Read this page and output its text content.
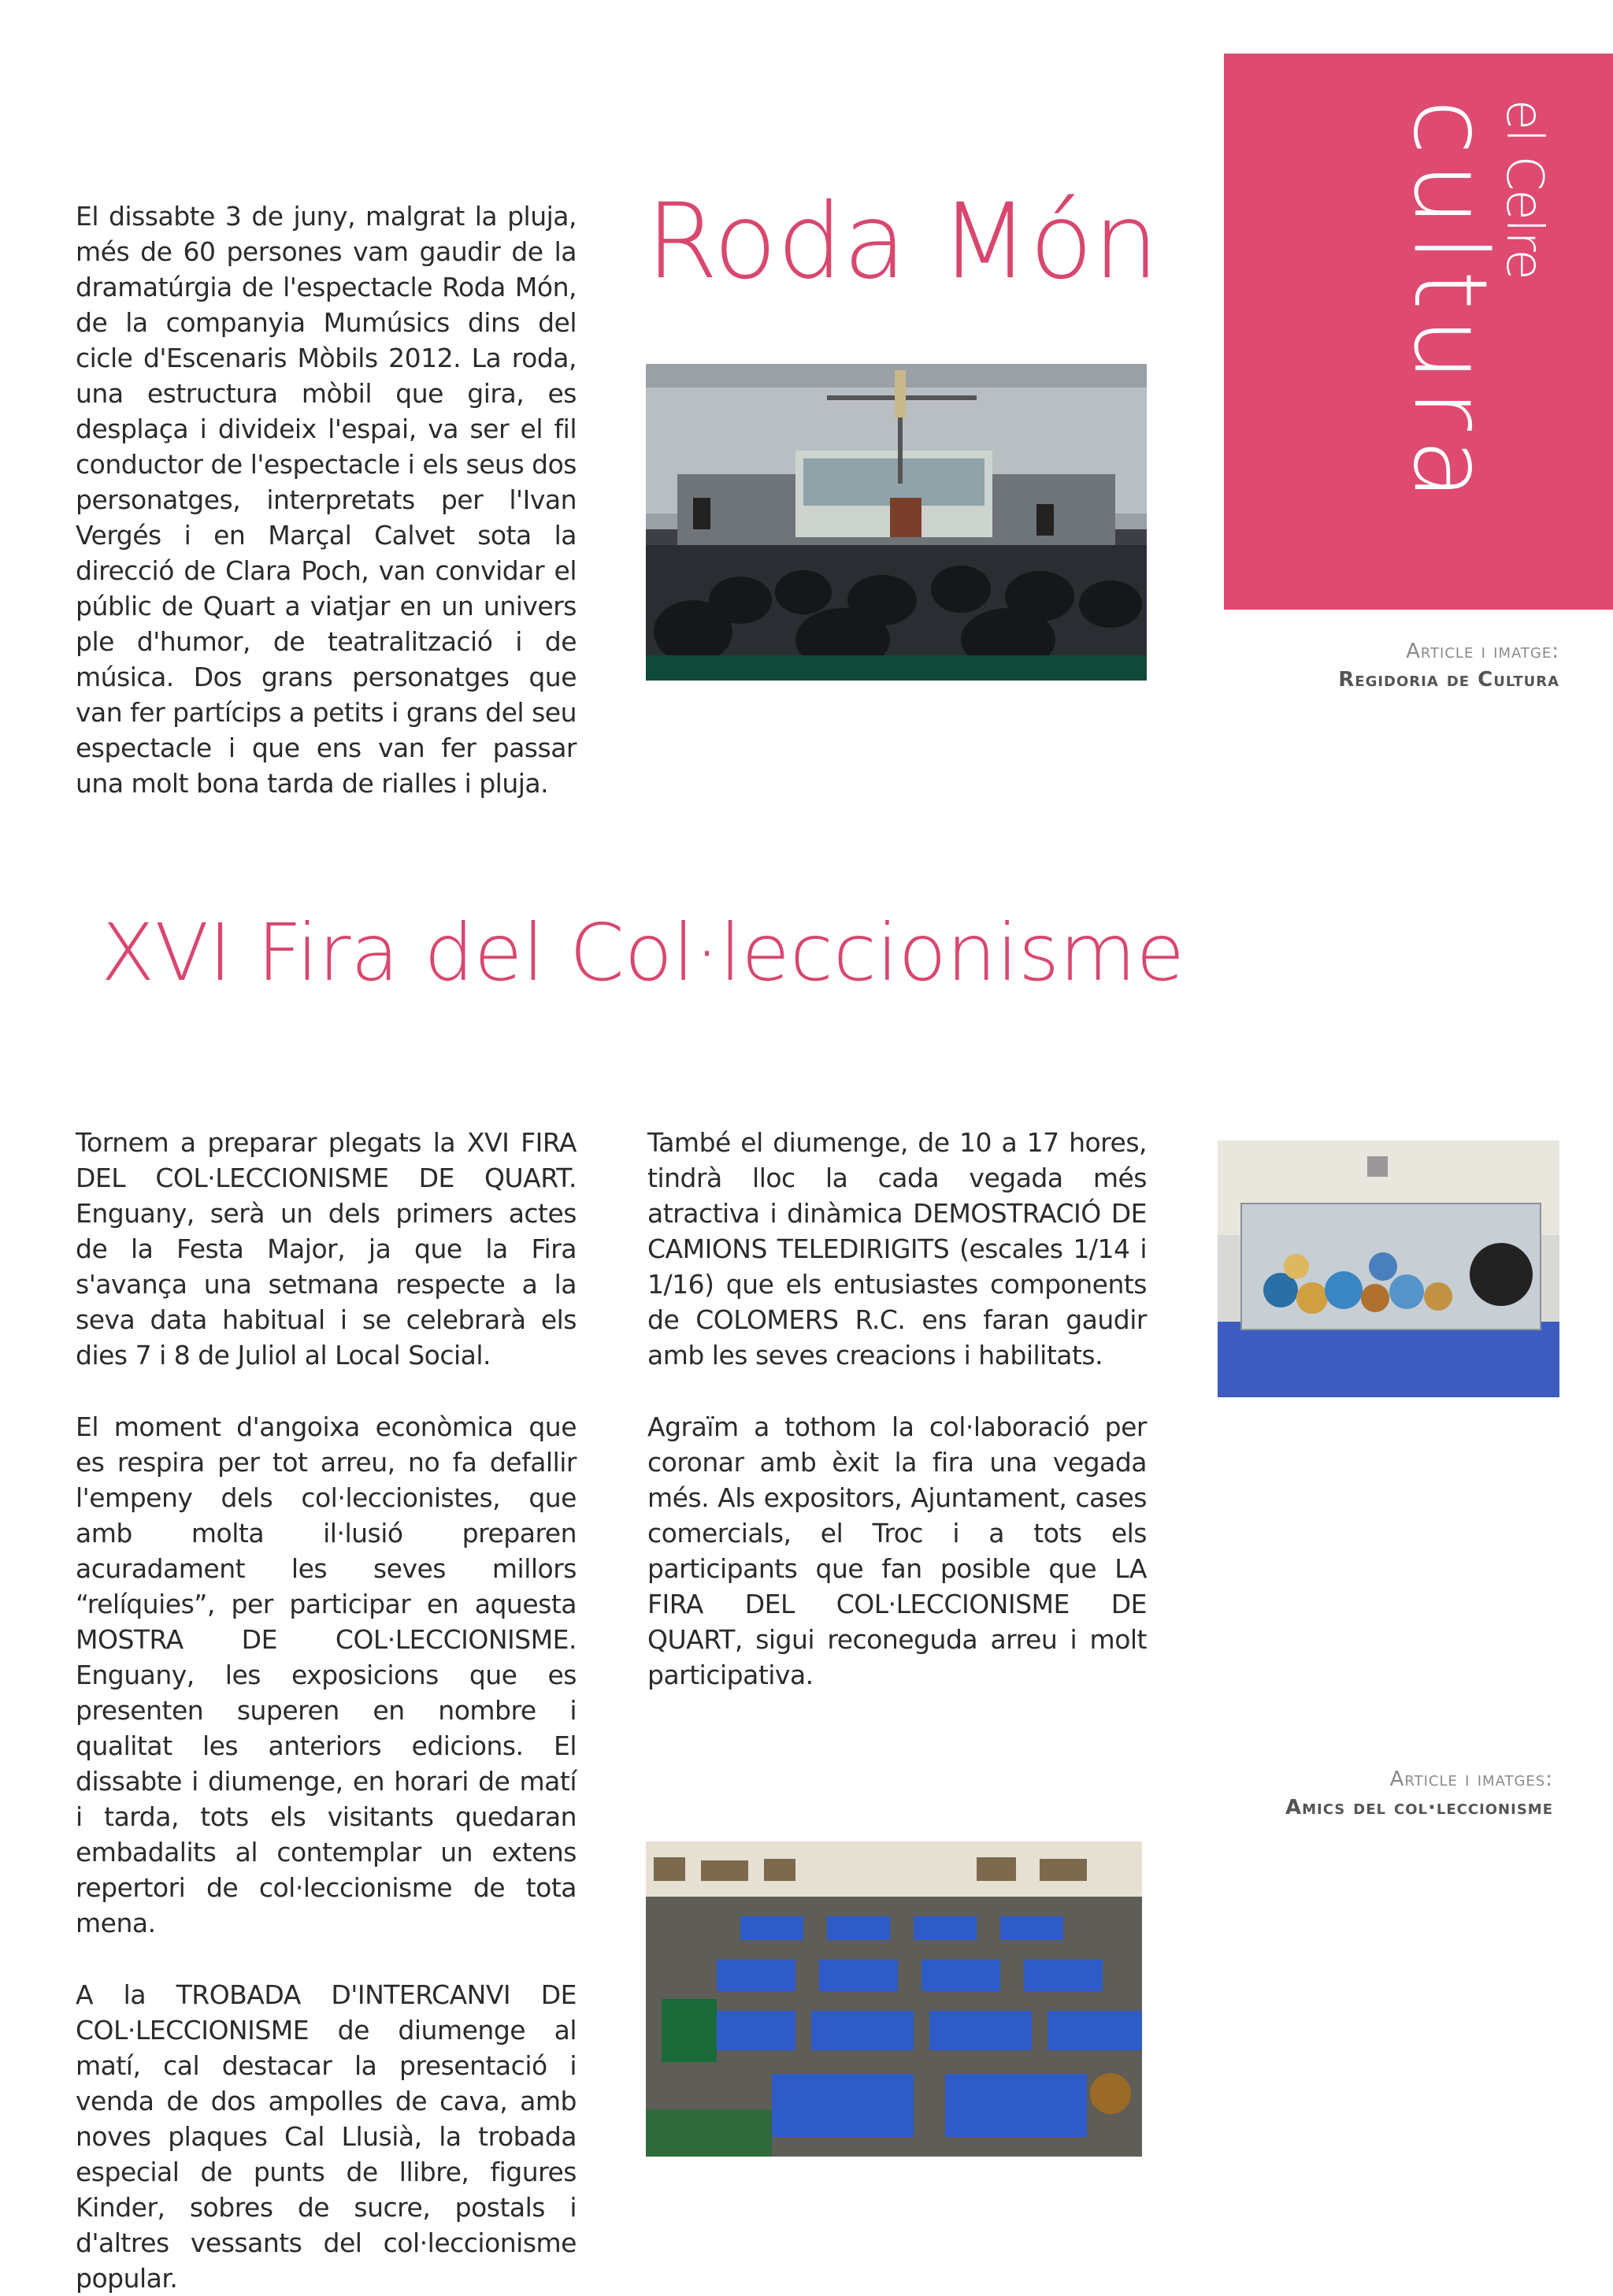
el Celre
cultura
Roda Món

El dissabte 3 de juny, malgrat la pluja, més de 60 persones vam gaudir de la dramatúrgia de l'espectacle Roda Món, de la companyia Mumúsics dins del cicle d'Escenaris Mòbils 2012. La roda, una estructura mòbil que gira, es desplaça i divideix l'espai, va ser el fil conductor de l'espectacle i els seus dos personatges, interpretats per l'Ivan Vergés i en Marçal Calvet sota la direcció de Clara Poch, van convidar el públic de Quart a viatjar en un univers ple d'humor, de teatralització i de música. Dos grans personatges que van fer partícips a petits i grans del seu espectacle i que ens van fer passar una molt bona tarda de rialles i pluja.

Article i imatge:
Regidoria de Cultura
XVI Fira del Col·leccionisme

Tornem a preparar plegats la XVI FIRA DEL COL·LECCIONISME DE QUART. Enguany, serà un dels primers actes de la Festa Major, ja que la Fira s'avança una setmana respecte a la seva data habitual i se celebrarà els dies 7 i 8 de Juliol al Local Social.

El moment d'angoixa econòmica que es respira per tot arreu, no fa defallir l'empeny dels col·leccionistes, que amb molta il·lusió preparen acuradament les seves millors “relíquies”, per participar en aquesta MOSTRA DE COL·LECCIONISME. Enguany, les exposicions que es presenten superen en nombre i qualitat les anteriors edicions. El dissabte i diumenge, en horari de matí i tarda, tots els visitants quedaran embadalits al contemplar un extens repertori de col·leccionisme de tota mena.

A la TROBADA D'INTERCANVI DE COL·LECCIONISME de diumenge al matí, cal destacar la presentació i venda de dos ampolles de cava, amb noves plaques Cal Llusià, la trobada especial de punts de llibre, figures Kinder, sobres de sucre, postals i d'altres vessants del col·leccionisme popular.

També el diumenge, de 10 a 17 hores, tindrà lloc la cada vegada més atractiva i dinàmica DEMOSTRACIÓ DE CAMIONS TELEDIRIGITS (escales 1/14 i 1/16) que els entusiastes components de COLOMERS R.C. ens faran gaudir amb les seves creacions i habilitats.

Agraïm a tothom la col·laboració per coronar amb èxit la fira una vegada més. Als expositors, Ajuntament, cases comercials, el Troc i a tots els participants que fan posible que LA FIRA DEL COL·LECCIONISME DE QUART, sigui reconeguda arreu i molt participativa.

Article i imatges:
Amics del col·leccionisme
